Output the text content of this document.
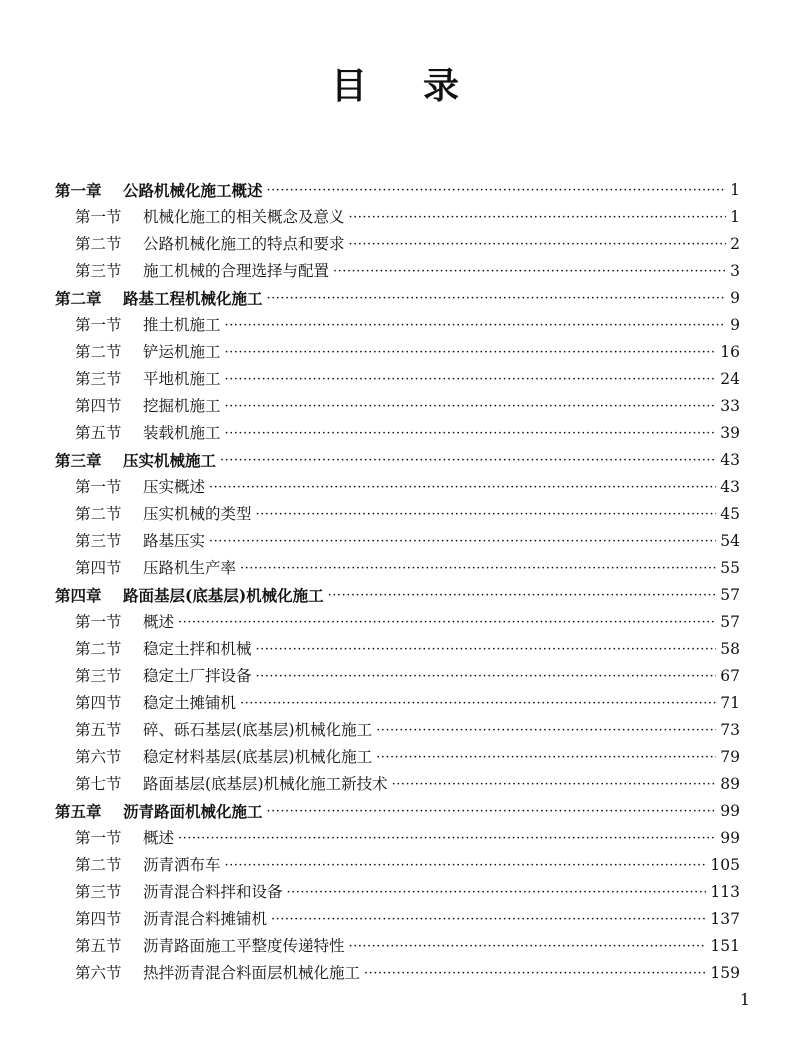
目 录
第一章 公路机械化施工概述 ·····	1
第一节 机械化施工的相关概念及意义 ·····	1
第二节 公路机械化施工的特点和要求 ·····	2
第三节 施工机械的合理选择与配置 ·····	3
第二章 路基工程机械化施工 ·····	9
第一节 推土机施工 ·····	9
第二节 铲运机施工 ·····	16
第三节 平地机施工 ·····	24
第四节 挖掘机施工 ·····	33
第五节 装载机施工 ·····	39
第三章 压实机械施工 ·····	43
第一节 压实概述 ·····	43
第二节 压实机械的类型 ·····	45
第三节 路基压实 ·····	54
第四节 压路机生产率 ·····	55
第四章 路面基层(底基层)机械化施工 ·····	57
第一节 概述 ·····	57
第二节 稳定土拌和机械 ·····	58
第三节 稳定土厂拌设备 ·····	67
第四节 稳定土摊铺机 ·····	71
第五节 碎、砾石基层(底基层)机械化施工 ·····	73
第六节 稳定材料基层(底基层)机械化施工 ·····	79
第七节 路面基层(底基层)机械化施工新技术 ·····	89
第五章 沥青路面机械化施工 ·····	99
第一节 概述 ·····	99
第二节 沥青洒布车 ·····	105
第三节 沥青混合料拌和设备 ·····	113
第四节 沥青混合料摊铺机 ·····	137
第五节 沥青路面施工平整度传递特性 ·····	151
第六节 热拌沥青混合料面层机械化施工 ·····	159
1
